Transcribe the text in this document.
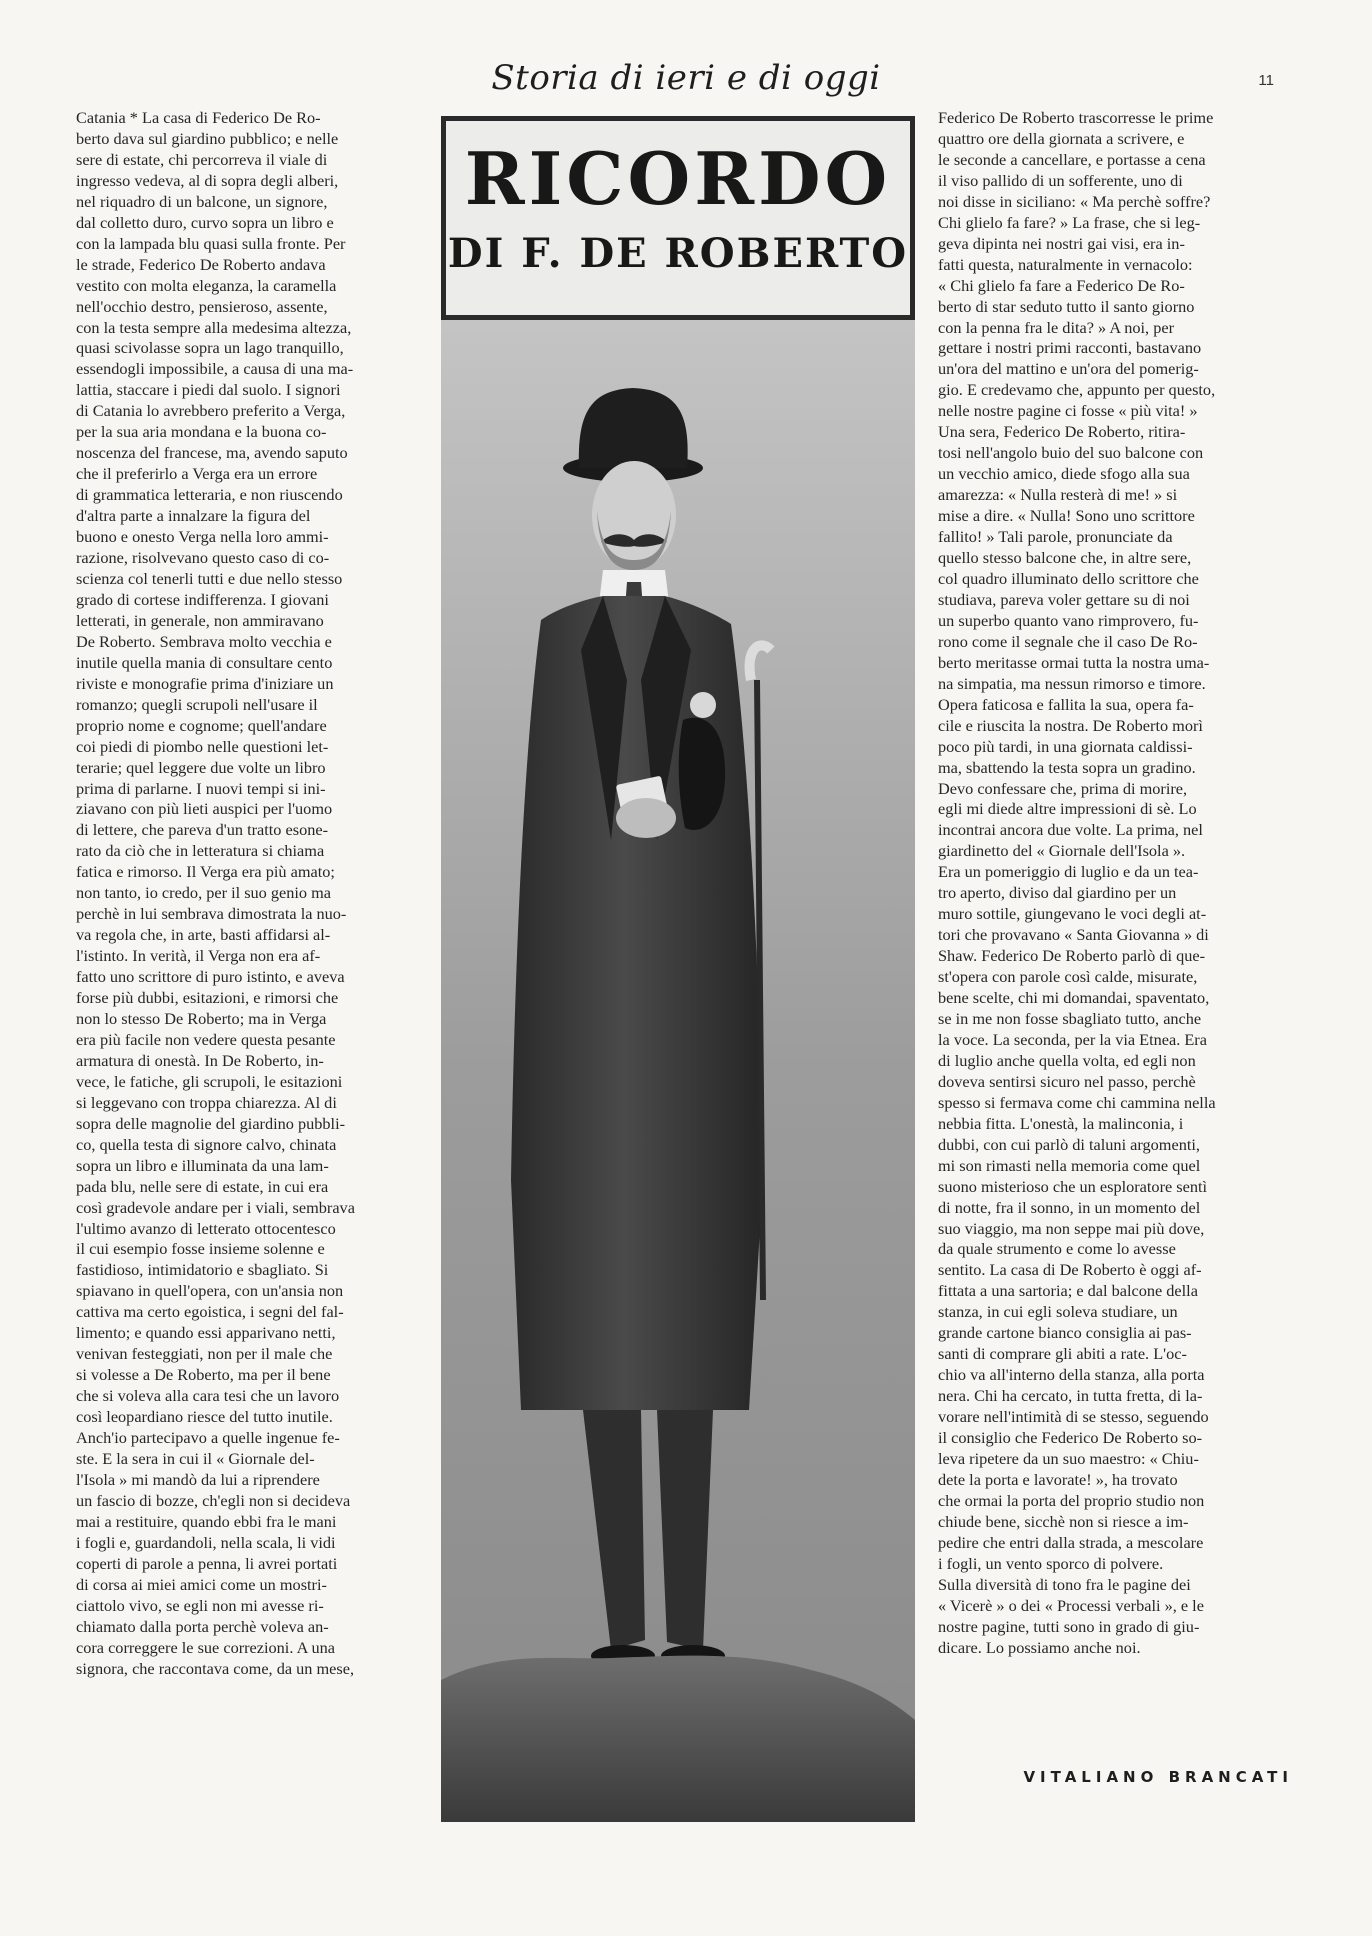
Storia di ieri e di oggi	11
Catania * La casa di Federico De Ro-
berto dava sul giardino pubblico; e nelle
sere di estate, chi percorreva il viale di
ingresso vedeva, al di sopra degli alberi,
nel riquadro di un balcone, un signore,
dal colletto duro, curvo sopra un libro e
con la lampada blu quasi sulla fronte. Per
le strade, Federico De Roberto andava
vestito con molta eleganza, la caramella
nell'occhio destro, pensieroso, assente,
con la testa sempre alla medesima altezza,
quasi scivolasse sopra un lago tranquillo,
essendogli impossibile, a causa di una ma-
lattia, staccare i piedi dal suolo. I signori
di Catania lo avrebbero preferito a Verga,
per la sua aria mondana e la buona co-
noscenza del francese, ma, avendo saputo
che il preferirlo a Verga era un errore
di grammatica letteraria, e non riuscendo
d'altra parte a innalzare la figura del
buono e onesto Verga nella loro ammi-
razione, risolvevano questo caso di co-
scienza col tenerli tutti e due nello stesso
grado di cortese indifferenza. I giovani
letterati, in generale, non ammiravano
De Roberto. Sembrava molto vecchia e
inutile quella mania di consultare cento
riviste e monografie prima d'iniziare un
romanzo; quegli scrupoli nell'usare il
proprio nome e cognome; quell'andare
coi piedi di piombo nelle questioni let-
terarie; quel leggere due volte un libro
prima di parlarne. I nuovi tempi si ini-
ziavano con più lieti auspici per l'uomo
di lettere, che pareva d'un tratto esone-
rato da ciò che in letteratura si chiama
fatica e rimorso. Il Verga era più amato;
non tanto, io credo, per il suo genio ma
perchè in lui sembrava dimostrata la nuo-
va regola che, in arte, basti affidarsi al-
l'istinto. In verità, il Verga non era af-
fatto uno scrittore di puro istinto, e aveva
forse più dubbi, esitazioni, e rimorsi che
non lo stesso De Roberto; ma in Verga
era più facile non vedere questa pesante
armatura di onestà. In De Roberto, in-
vece, le fatiche, gli scrupoli, le esitazioni
si leggevano con troppa chiarezza. Al di
sopra delle magnolie del giardino pubbli-
co, quella testa di signore calvo, chinata
sopra un libro e illuminata da una lam-
pada blu, nelle sere di estate, in cui era
così gradevole andare per i viali, sembrava
l'ultimo avanzo di letterato ottocentesco
il cui esempio fosse insieme solenne e
fastidioso, intimidatorio e sbagliato. Si
spiavano in quell'opera, con un'ansia non
cattiva ma certo egoistica, i segni del fal-
limento; e quando essi apparivano netti,
venivan festeggiati, non per il male che
si volesse a De Roberto, ma per il bene
che si voleva alla cara tesi che un lavoro
così leopardiano riesce del tutto inutile.
Anch'io partecipavo a quelle ingenue fe-
ste. E la sera in cui il « Giornale del-
l'Isola » mi mandò da lui a riprendere
un fascio di bozze, ch'egli non si decideva
mai a restituire, quando ebbi fra le mani
i fogli e, guardandoli, nella scala, li vidi
coperti di parole a penna, li avrei portati
di corsa ai miei amici come un mostri-
ciattolo vivo, se egli non mi avesse ri-
chiamato dalla porta perchè voleva an-
cora correggere le sue correzioni. A una
signora, che raccontava come, da un mese,
RICORDO
DI F. DE ROBERTO
Federico De Roberto trascorresse le prime
quattro ore della giornata a scrivere, e
le seconde a cancellare, e portasse a cena
il viso pallido di un sofferente, uno di
noi disse in siciliano: « Ma perchè soffre?
Chi glielo fa fare? » La frase, che si leg-
geva dipinta nei nostri gai visi, era in-
fatti questa, naturalmente in vernacolo:
« Chi glielo fa fare a Federico De Ro-
berto di star seduto tutto il santo giorno
con la penna fra le dita? » A noi, per
gettare i nostri primi racconti, bastavano
un'ora del mattino e un'ora del pomerig-
gio. E credevamo che, appunto per questo,
nelle nostre pagine ci fosse « più vita! »
Una sera, Federico De Roberto, ritira-
tosi nell'angolo buio del suo balcone con
un vecchio amico, diede sfogo alla sua
amarezza: « Nulla resterà di me! » si
mise a dire. « Nulla! Sono uno scrittore
fallito! » Tali parole, pronunciate da
quello stesso balcone che, in altre sere,
col quadro illuminato dello scrittore che
studiava, pareva voler gettare su di noi
un superbo quanto vano rimprovero, fu-
rono come il segnale che il caso De Ro-
berto meritasse ormai tutta la nostra uma-
na simpatia, ma nessun rimorso e timore.
Opera faticosa e fallita la sua, opera fa-
cile e riuscita la nostra. De Roberto morì
poco più tardi, in una giornata caldissi-
ma, sbattendo la testa sopra un gradino.
Devo confessare che, prima di morire,
egli mi diede altre impressioni di sè. Lo
incontrai ancora due volte. La prima, nel
giardinetto del « Giornale dell'Isola ».
Era un pomeriggio di luglio e da un tea-
tro aperto, diviso dal giardino per un
muro sottile, giungevano le voci degli at-
tori che provavano « Santa Giovanna » di
Shaw. Federico De Roberto parlò di que-
st'opera con parole così calde, misurate,
bene scelte, chi mi domandai, spaventato,
se in me non fosse sbagliato tutto, anche
la voce. La seconda, per la via Etnea. Era
di luglio anche quella volta, ed egli non
doveva sentirsi sicuro nel passo, perchè
spesso si fermava come chi cammina nella
nebbia fitta. L'onestà, la malinconia, i
dubbi, con cui parlò di taluni argomenti,
mi son rimasti nella memoria come quel
suono misterioso che un esploratore sentì
di notte, fra il sonno, in un momento del
suo viaggio, ma non seppe mai più dove,
da quale strumento e come lo avesse
sentito. La casa di De Roberto è oggi af-
fittata a una sartoria; e dal balcone della
stanza, in cui egli soleva studiare, un
grande cartone bianco consiglia ai pas-
santi di comprare gli abiti a rate. L'oc-
chio va all'interno della stanza, alla porta
nera. Chi ha cercato, in tutta fretta, di la-
vorare nell'intimità di se stesso, seguendo
il consiglio che Federico De Roberto so-
leva ripetere da un suo maestro: « Chiu-
dete la porta e lavorate! », ha trovato
che ormai la porta del proprio studio non
chiude bene, sicchè non si riesce a im-
pedire che entri dalla strada, a mescolare
i fogli, un vento sporco di polvere.
Sulla diversità di tono fra le pagine dei
« Vicerè » o dei « Processi verbali », e le
nostre pagine, tutti sono in grado di giu-
dicare. Lo possiamo anche noi.
VITALIANO BRANCATI
